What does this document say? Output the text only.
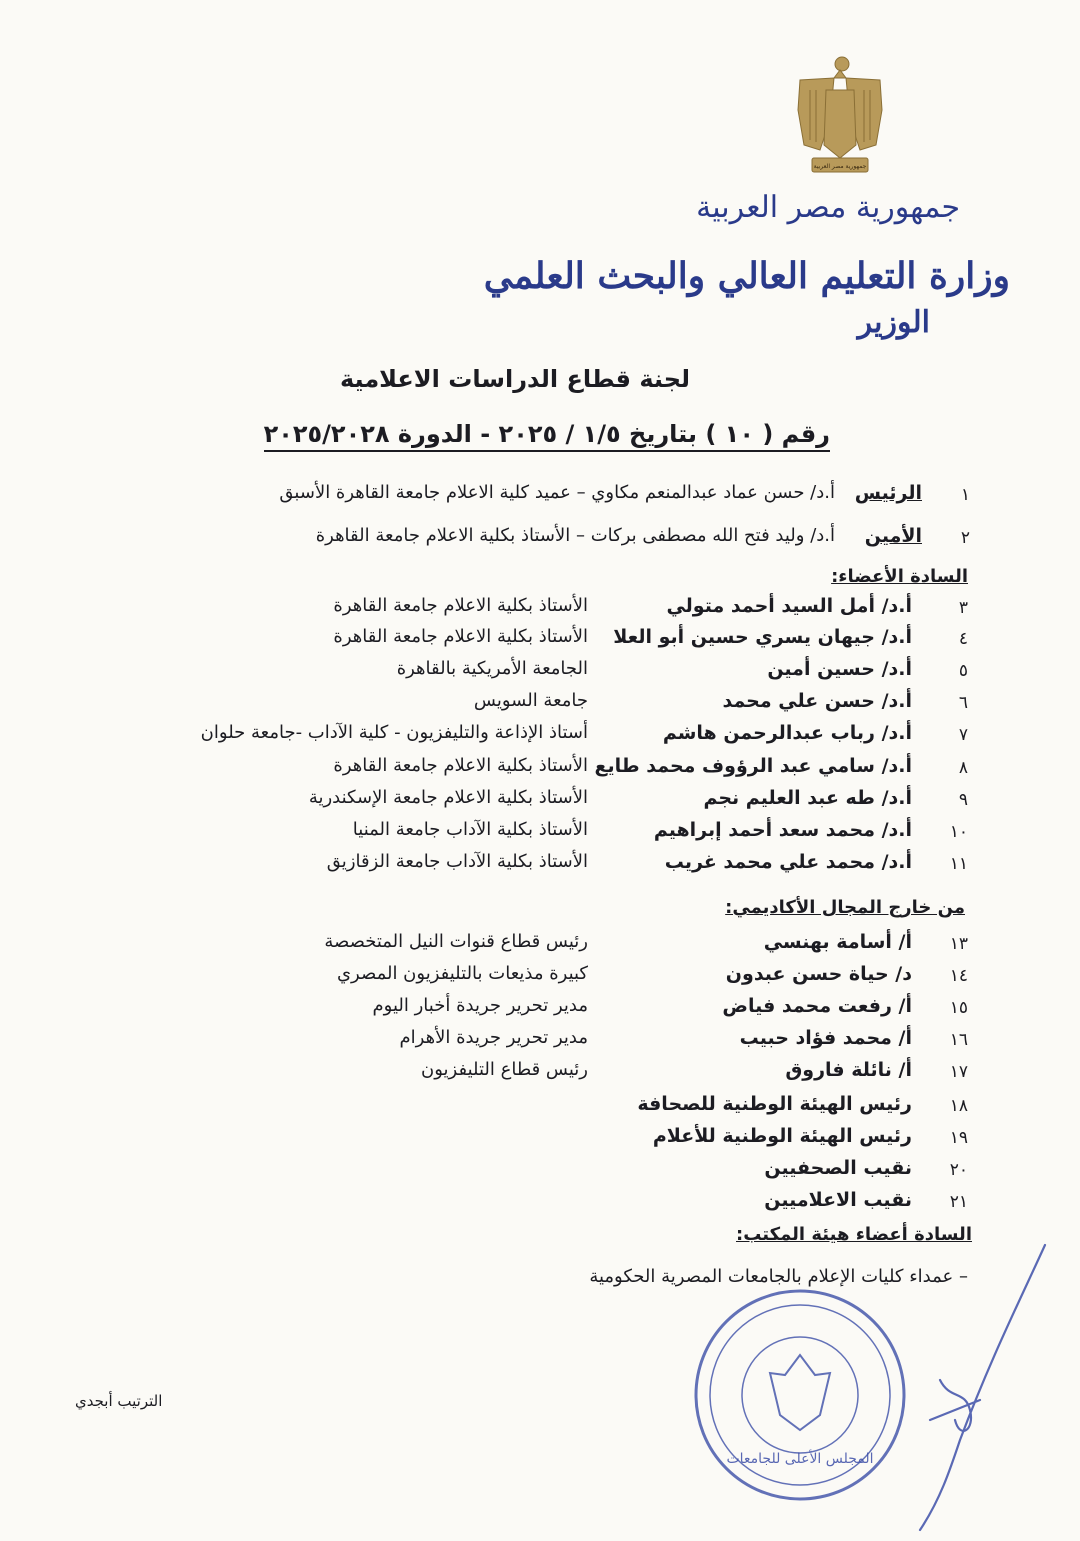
جمهورية مصر العربية
جمهورية مصر العربية
وزارة التعليم العالي والبحث العلمي
الوزير
لجنة قطاع الدراسات الاعلامية
رقم ( ١٠ ) بتاريخ ١/٥ / ٢٠٢٥ - الدورة ٢٠٢٥/٢٠٢٨
١
الرئيس
أ.د/ حسن عماد عبدالمنعم مكاوي – عميد كلية الاعلام جامعة القاهرة الأسبق
٢
الأمين
أ.د/ وليد فتح الله مصطفى بركات – الأستاذ بكلية الاعلام جامعة القاهرة
السادة الأعضاء:
٣
أ.د/ أمل السيد أحمد متولي
الأستاذ بكلية الاعلام جامعة القاهرة
٤
أ.د/ جيهان يسري حسين أبو العلا
الأستاذ بكلية الاعلام جامعة القاهرة
٥
أ.د/ حسين أمين
الجامعة الأمريكية بالقاهرة
٦
أ.د/ حسن علي محمد
جامعة السويس
٧
أ.د/ رباب عبدالرحمن هاشم
أستاذ الإذاعة والتليفزيون - كلية الآداب -جامعة حلوان
٨
أ.د/ سامي عبد الرؤوف محمد طايع
الأستاذ بكلية الاعلام جامعة القاهرة
٩
أ.د/ طه عبد العليم نجم
الأستاذ بكلية الاعلام جامعة الإسكندرية
١٠
أ.د/ محمد سعد أحمد إبراهيم
الأستاذ بكلية الآداب جامعة المنيا
١١
أ.د/ محمد علي محمد غريب
الأستاذ بكلية الآداب جامعة الزقازيق
من خارج المجال الأكاديمي:
١٣
أ/ أسامة بهنسي
رئيس قطاع قنوات النيل المتخصصة
١٤
د/ حياة حسن عبدون
كبيرة مذيعات بالتليفزيون المصري
١٥
أ/ رفعت محمد فياض
مدير تحرير جريدة أخبار اليوم
١٦
أ/ محمد فؤاد حبيب
مدير تحرير جريدة الأهرام
١٧
أ/ نائلة فاروق
رئيس قطاع التليفزيون
١٨
رئيس الهيئة الوطنية للصحافة
١٩
رئيس الهيئة الوطنية للأعلام
٢٠
نقيب الصحفيين
٢١
نقيب الاعلاميين
السادة أعضاء هيئة المكتب:
– عمداء كليات الإعلام بالجامعات المصرية الحكومية
المجلس الأعلى للجامعات
الترتيب أبجدي
